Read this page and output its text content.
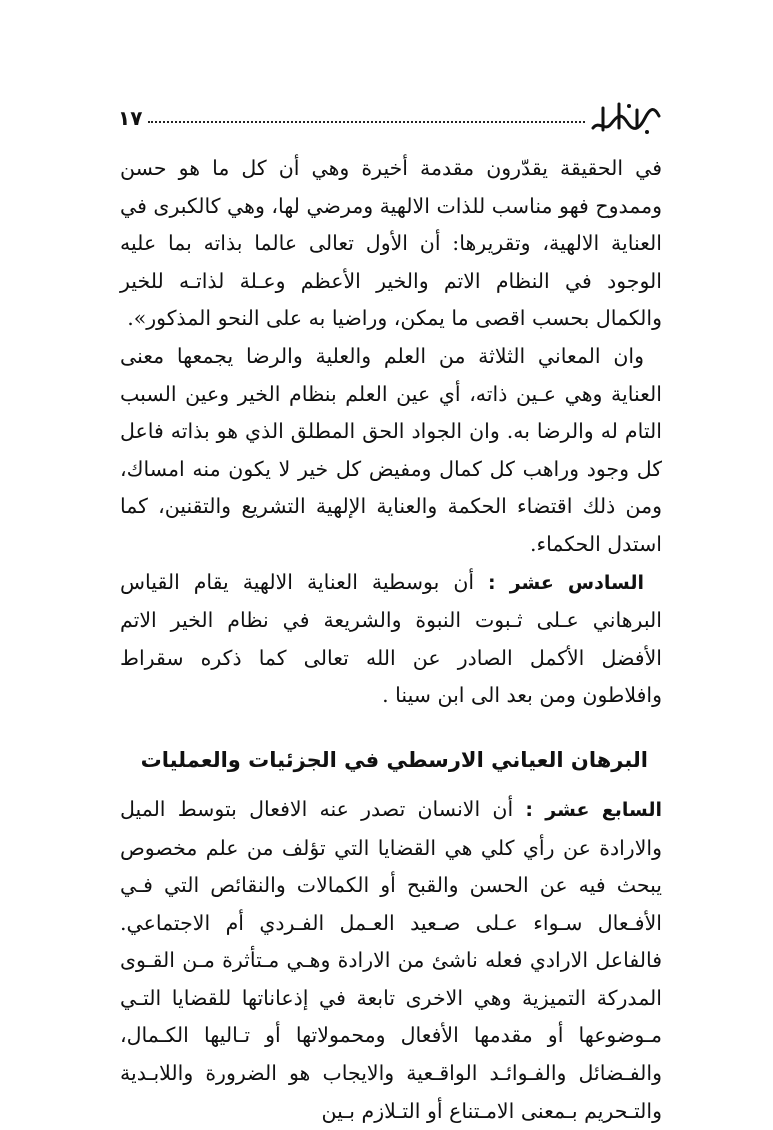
١٧

في الحقيقة يقدّرون مقدمة أخيرة وهي أن كل ما هو حسن وممدوح فهو مناسب للذات الالهية ومرضي لها، وهي كالكبرى في العناية الالهية، وتقريرها: أن الأول تعالى عالما بذاته بما عليه الوجود في النظام الاتم والخير الأعظم وعـلة لذاتـه للخير والكمال بحسب اقصى ما يمكن، وراضيا به على النحو المذكور».

وان المعاني الثلاثة من العلم والعلية والرضا يجمعها معنى العناية وهي عـين ذاته، أي عين العلم بنظام الخير وعين السبب التام له والرضا به. وان الجواد الحق المطلق الذي هو بذاته فاعل كل وجود وراهب كل كمال ومفيض كل خير لا يكون منه امساك، ومن ذلك اقتضاء الحكمة والعناية الإلهية التشريع والتقنين، كما استدل الحكماء.

السادس عشر : أن بوسطية العناية الالهية يقام القياس البرهاني عـلى ثـبوت النبوة والشريعة في نظام الخير الاتم الأفضل الأكمل الصادر عن الله تعالى كما ذكره سقراط وافلاطون ومن بعد الى ابن سينا .

البرهان العياني الارسطي في الجزئيات والعمليات

السابع عشر : أن الانسان تصدر عنه الافعال بتوسط الميل والارادة عن رأي كلي هي القضايا التي تؤلف من علم مخصوص يبحث فيه عن الحسن والقبح أو الكمالات والنقائص التي فـي الأفـعال سـواء عـلى صـعيد العـمل الفـردي أم الاجتماعي. فالفاعل الارادي فعله ناشئ من الارادة وهـي مـتأثرة مـن القـوى المدركة التميزية وهي الاخرى تابعة في إذعاناتها للقضايا التـي مـوضوعها أو مقدمها الأفعال ومحمولاتها أو تـاليها الكـمال، والفـضائل والفـوائـد الواقـعية والايجاب هو الضرورة واللابـدية والتـحريم بـمعنى الامـتناع أو التـلازم بـين
